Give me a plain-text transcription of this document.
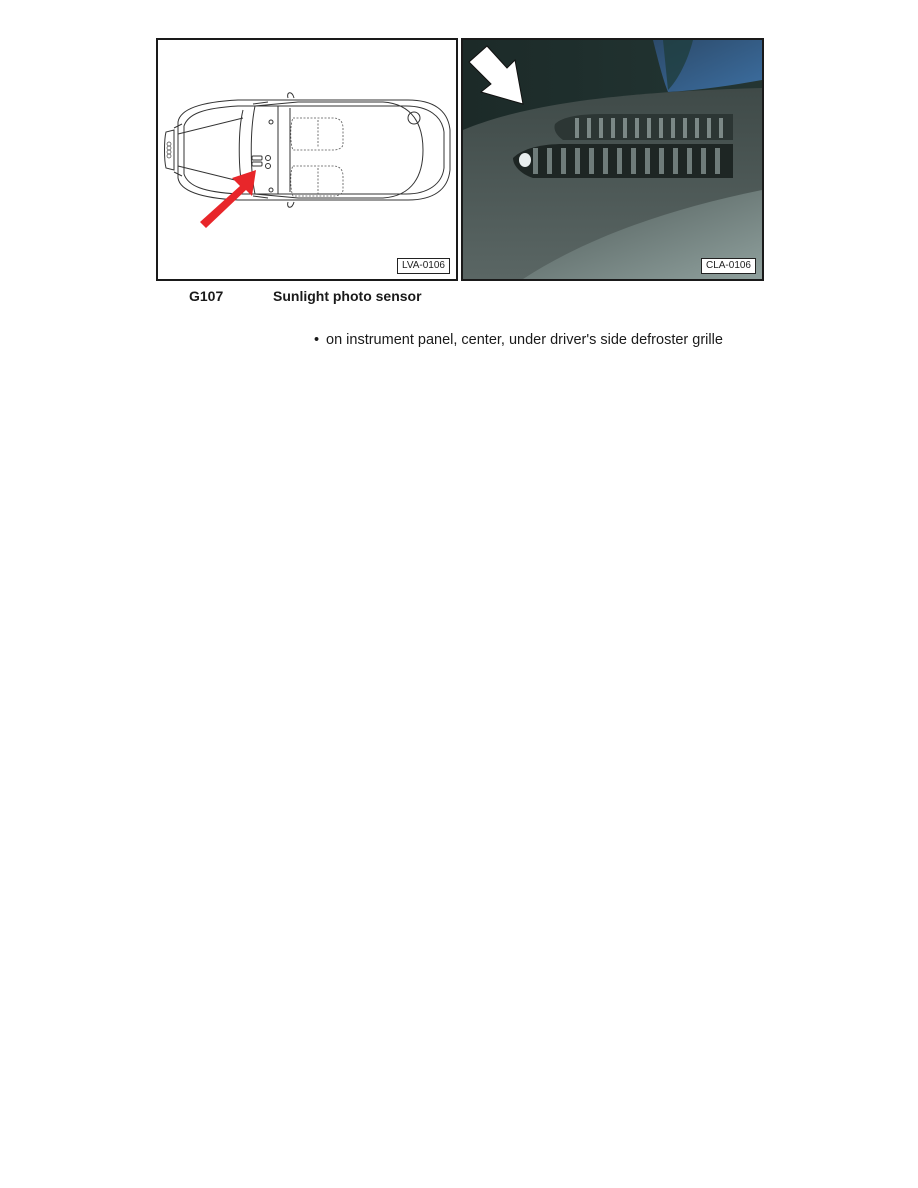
LVA-0106	CLA-0106
G107	Sunlight photo sensor
• on instrument panel, center, under driver's side defroster grille
